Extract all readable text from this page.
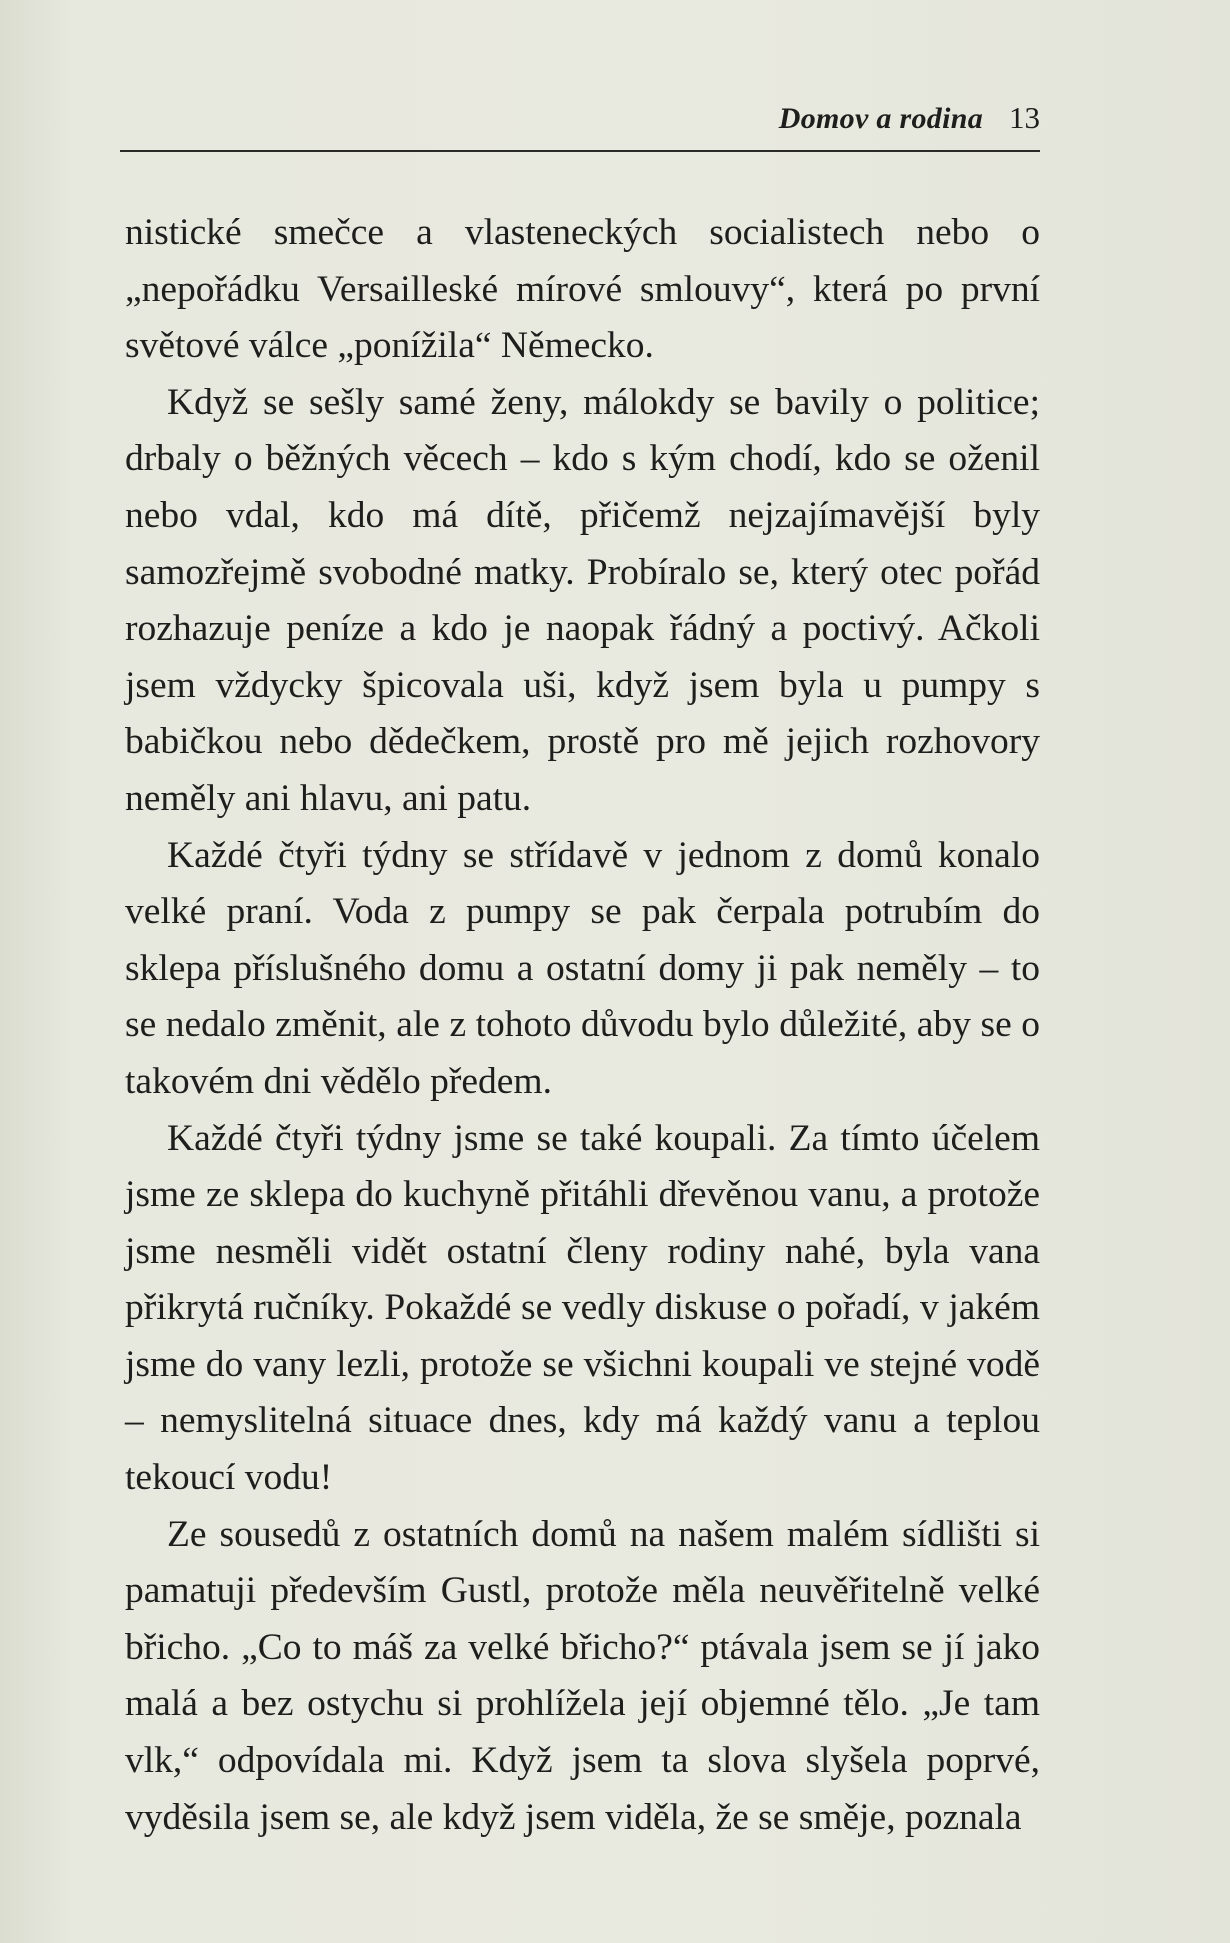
Domov a rodina 13

nistické smečce a vlasteneckých socialistech nebo o „nepořádku Versailleské mírové smlouvy“, která po první světové válce „ponížila“ Německo.

Když se sešly samé ženy, málokdy se bavily o politice; drbaly o běžných věcech – kdo s kým chodí, kdo se oženil nebo vdal, kdo má dítě, přičemž nejzajímavější byly samozřejmě svobodné matky. Probíralo se, který otec pořád rozhazuje peníze a kdo je naopak řádný a poctivý. Ačkoli jsem vždycky špicovala uši, když jsem byla u pumpy s babičkou nebo dědečkem, prostě pro mě jejich rozhovory neměly ani hlavu, ani patu.

Každé čtyři týdny se střídavě v jednom z domů konalo velké praní. Voda z pumpy se pak čerpala potrubím do sklepa příslušného domu a ostatní domy ji pak neměly – to se nedalo změnit, ale z tohoto důvodu bylo důležité, aby se o takovém dni vědělo předem.

Každé čtyři týdny jsme se také koupali. Za tímto účelem jsme ze sklepa do kuchyně přitáhli dřevěnou vanu, a protože jsme nesměli vidět ostatní členy rodiny nahé, byla vana přikrytá ručníky. Pokaždé se vedly diskuse o pořadí, v jakém jsme do vany lezli, protože se všichni koupali ve stejné vodě – nemyslitelná situace dnes, kdy má každý vanu a teplou tekoucí vodu!

Ze sousedů z ostatních domů na našem malém sídlišti si pamatuji především Gustl, protože měla neuvěřitelně velké břicho. „Co to máš za velké břicho?“ ptávala jsem se jí jako malá a bez ostychu si prohlížela její objemné tělo. „Je tam vlk,“ odpovídala mi. Když jsem ta slova slyšela poprvé, vyděsila jsem se, ale když jsem viděla, že se směje, poznala
